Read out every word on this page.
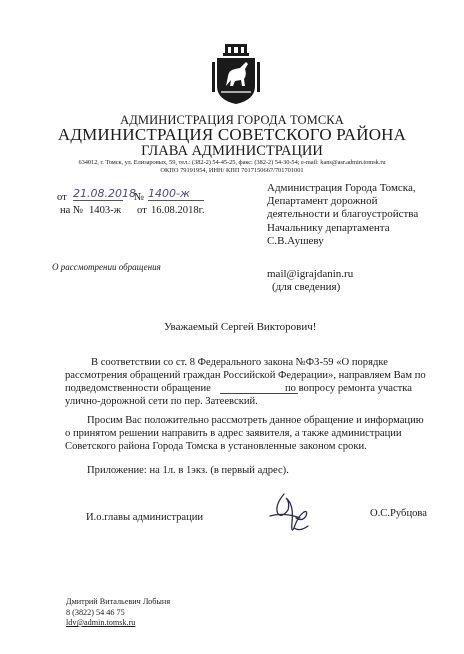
АДМИНИСТРАЦИЯ ГОРОДА ТОМСКА
АДМИНИСТРАЦИЯ СОВЕТСКОГО РАЙОНА
ГЛАВА АДМИНИСТРАЦИИ
634012, г. Томск, ул. Елизаровых, 59, тел.: (382-2) 54-45-25, факс: (382-2) 54-30-54; e-mail: kans@asr.admin.tomsk.ru
ОКПО 79191954, ИНН/ КПП 7017150667/701701001
от 21.08.2018
№ 1400-ж
на № 1403-ж от 16.08.2018г.
Администрация Города Томска,
Департамент дорожной
деятельности и благоустройства
Начальнику департамента
С.В.Аушеву
О рассмотрении обращения
mail@igrajdanin.ru
(для сведения)
Уважаемый Сергей Викторович!
В соответствии со ст. 8 Федерального закона №ФЗ-59 «О порядке
рассмотрения обращений граждан Российской Федерации», направляем Вам по
подведомственности обращение	по вопросу ремонта участка
улично-дорожной сети по пер. Затеевский.
Просим Вас положительно рассмотреть данное обращение и информацию
о принятом решении направить в адрес заявителя, а также администрации
Советского района Города Томска в установленные законом сроки.
Приложение: на 1л. в 1экз. (в первый адрес).
И.о.главы администрации	О.С.Рубцова
Дмитрий Витальевич Лобыня
8 (3822) 54 46 75
ldv@admin.tomsk.ru
